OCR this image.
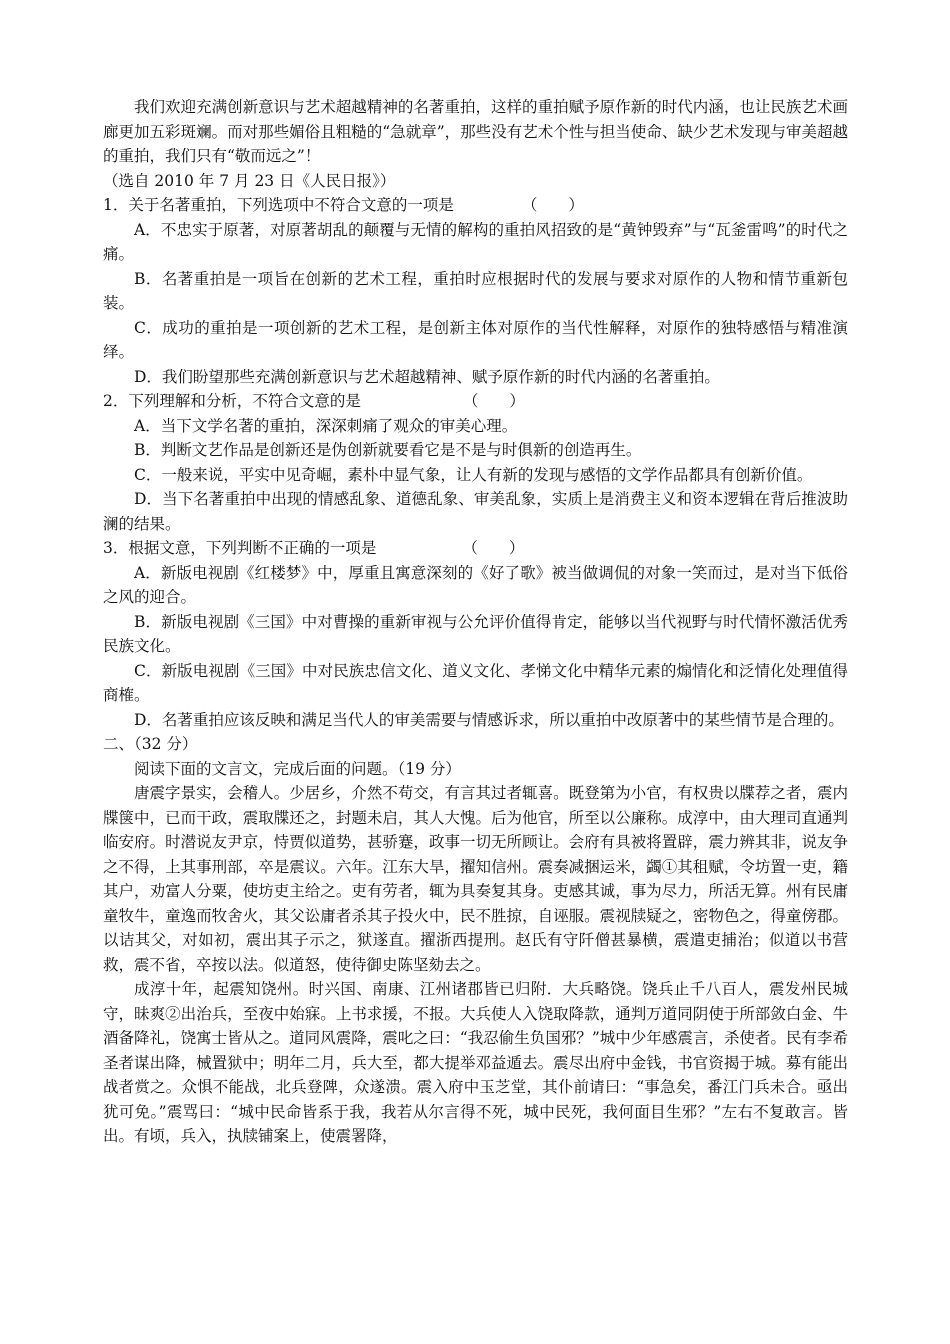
我们欢迎充满创新意识与艺术超越精神的名著重拍，这样的重拍赋予原作新的时代内涵，也让民族艺术画廊更加五彩斑斓。而对那些媚俗且粗糙的“急就章”，那些没有艺术个性与担当使命、缺少艺术发现与审美超越的重拍，我们只有“敬而远之”！

（选自 2010 年 7 月 23 日《人民日报》）

1．关于名著重拍，下列选项中不符合文意的一项是	（　　）

A．不忠实于原著，对原著胡乱的颠覆与无情的解构的重拍风招致的是“黄钟毁弃”与“瓦釜雷鸣”的时代之痛。

B．名著重拍是一项旨在创新的艺术工程，重拍时应根据时代的发展与要求对原作的人物和情节重新包装。

C．成功的重拍是一项创新的艺术工程，是创新主体对原作的当代性解释，对原作的独特感悟与精准演绎。

D．我们盼望那些充满创新意识与艺术超越精神、赋予原作新的时代内涵的名著重拍。

2．下列理解和分析，不符合文意的是	（　　）

A．当下文学名著的重拍，深深刺痛了观众的审美心理。

B．判断文艺作品是创新还是伪创新就要看它是不是与时俱新的创造再生。

C．一般来说，平实中见奇崛，素朴中显气象，让人有新的发现与感悟的文学作品都具有创新价值。

D．当下名著重拍中出现的情感乱象、道德乱象、审美乱象，实质上是消费主义和资本逻辑在背后推波助澜的结果。

3．根据文意，下列判断不正确的一项是	（　　）

A．新版电视剧《红楼梦》中，厚重且寓意深刻的《好了歌》被当做调侃的对象一笑而过，是对当下低俗之风的迎合。

B．新版电视剧《三国》中对曹操的重新审视与公允评价值得肯定，能够以当代视野与时代情怀激活优秀民族文化。

C．新版电视剧《三国》中对民族忠信文化、道义文化、孝悌文化中精华元素的煽情化和泛情化处理值得商榷。

D．名著重拍应该反映和满足当代人的审美需要与情感诉求，所以重拍中改原著中的某些情节是合理的。

二、（32 分）

阅读下面的文言文，完成后面的问题。（19 分）

唐震字景实，会稽人。少居乡，介然不苟交，有言其过者辄喜。既登第为小官，有权贵以牒荐之者，震内牒箧中，已而干政，震取牒还之，封题未启，其人大愧。后为他官，所至以公廉称。成淳中，由大理司直通判临安府。时潜说友尹京，恃贾似道势，甚骄蹇，政事一切无所顾让。会府有具被将置辟，震力辨其非，说友争之不得，上其事刑部，卒是震议。六年。江东大旱，擢知信州。震奏减捆运米，蠲①其租赋，令坊置一吏，籍其户，劝富人分粟，使坊吏主给之。吏有劳者，辄为具奏复其身。吏感其诚，事为尽力，所活无算。州有民庸童牧牛，童逸而牧舍火，其父讼庸者杀其子投火中，民不胜掠，自诬服。震视牍疑之，密物色之，得童傍郡。以诘其父，对如初，震出其子示之，狱遂直。擢浙西提刑。赵氏有守阡僧甚暴横，震遣吏捕治；似道以书营救，震不省，卒按以法。似道怒，使待御史陈坚劾去之。

成淳十年，起震知饶州。时兴国、南康、江州诸郡皆已归附．大兵略饶。饶兵止千八百人，震发州民城守，昧爽②出治兵，至夜中始寐。上书求援，不报。大兵使人入饶取降款，通判万道同阴使于所部敛白金、牛酒备降礼，饶寓士皆从之。道同风震降，震叱之曰：“我忍偷生负国邪？”城中少年感震言，杀使者。民有李希圣者谋出降，械置狱中；明年二月，兵大至，都大提举邓益遁去。震尽出府中金钱，书官资揭于城。募有能出战者赏之。众惧不能战，北兵登陴，众遂溃。震入府中玉芝堂，其仆前请曰：“事急矣，番江门兵未合。亟出犹可免。”震骂曰：“城中民命皆系于我，我若从尔言得不死，城中民死，我何面目生邪？”左右不复敢言。皆出。有顷，兵入，执牍铺案上，使震署降，
